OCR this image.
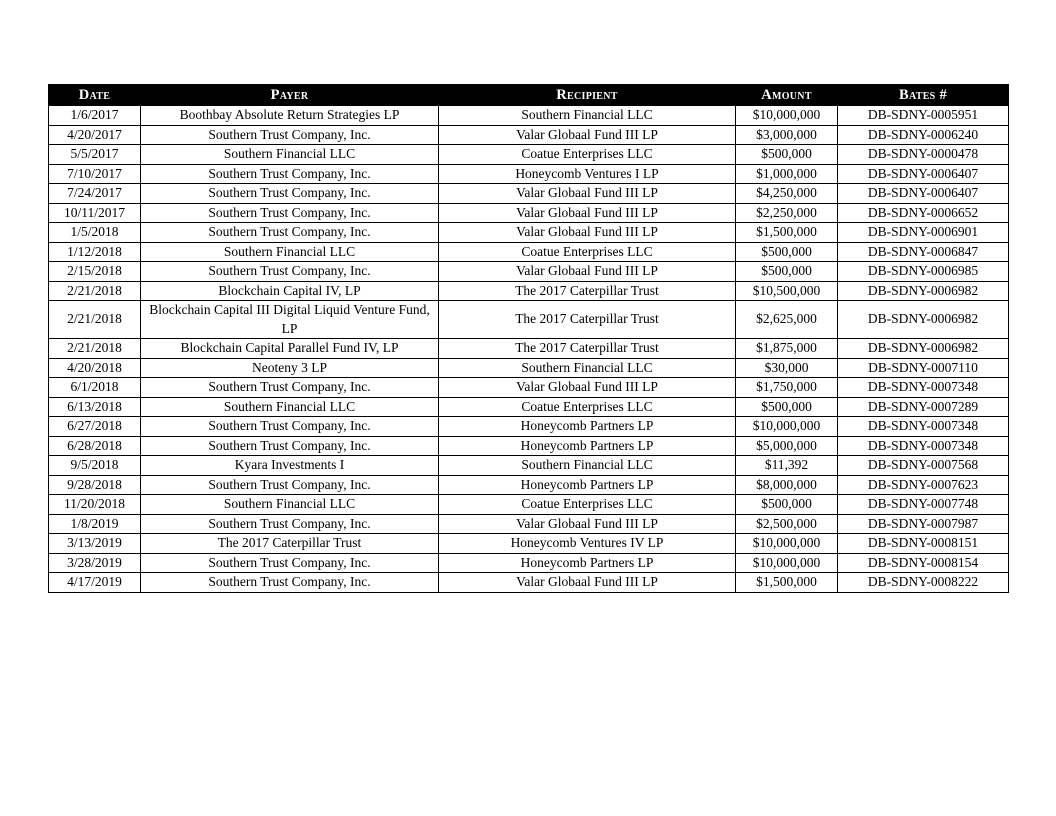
Date	Payer	Recipient	Amount	Bates #
1/6/2017	Boothbay Absolute Return Strategies LP	Southern Financial LLC	$10,000,000	DB-SDNY-0005951
4/20/2017	Southern Trust Company, Inc.	Valar Globaal Fund III LP	$3,000,000	DB-SDNY-0006240
5/5/2017	Southern Financial LLC	Coatue Enterprises LLC	$500,000	DB-SDNY-0000478
7/10/2017	Southern Trust Company, Inc.	Honeycomb Ventures I LP	$1,000,000	DB-SDNY-0006407
7/24/2017	Southern Trust Company, Inc.	Valar Globaal Fund III LP	$4,250,000	DB-SDNY-0006407
10/11/2017	Southern Trust Company, Inc.	Valar Globaal Fund III LP	$2,250,000	DB-SDNY-0006652
1/5/2018	Southern Trust Company, Inc.	Valar Globaal Fund III LP	$1,500,000	DB-SDNY-0006901
1/12/2018	Southern Financial LLC	Coatue Enterprises LLC	$500,000	DB-SDNY-0006847
2/15/2018	Southern Trust Company, Inc.	Valar Globaal Fund III LP	$500,000	DB-SDNY-0006985
2/21/2018	Blockchain Capital IV, LP	The 2017 Caterpillar Trust	$10,500,000	DB-SDNY-0006982
2/21/2018	Blockchain Capital III Digital Liquid Venture Fund, LP	The 2017 Caterpillar Trust	$2,625,000	DB-SDNY-0006982
2/21/2018	Blockchain Capital Parallel Fund IV, LP	The 2017 Caterpillar Trust	$1,875,000	DB-SDNY-0006982
4/20/2018	Neoteny 3 LP	Southern Financial LLC	$30,000	DB-SDNY-0007110
6/1/2018	Southern Trust Company, Inc.	Valar Globaal Fund III LP	$1,750,000	DB-SDNY-0007348
6/13/2018	Southern Financial LLC	Coatue Enterprises LLC	$500,000	DB-SDNY-0007289
6/27/2018	Southern Trust Company, Inc.	Honeycomb Partners LP	$10,000,000	DB-SDNY-0007348
6/28/2018	Southern Trust Company, Inc.	Honeycomb Partners LP	$5,000,000	DB-SDNY-0007348
9/5/2018	Kyara Investments I	Southern Financial LLC	$11,392	DB-SDNY-0007568
9/28/2018	Southern Trust Company, Inc.	Honeycomb Partners LP	$8,000,000	DB-SDNY-0007623
11/20/2018	Southern Financial LLC	Coatue Enterprises LLC	$500,000	DB-SDNY-0007748
1/8/2019	Southern Trust Company, Inc.	Valar Globaal Fund III LP	$2,500,000	DB-SDNY-0007987
3/13/2019	The 2017 Caterpillar Trust	Honeycomb Ventures IV LP	$10,000,000	DB-SDNY-0008151
3/28/2019	Southern Trust Company, Inc.	Honeycomb Partners LP	$10,000,000	DB-SDNY-0008154
4/17/2019	Southern Trust Company, Inc.	Valar Globaal Fund III LP	$1,500,000	DB-SDNY-0008222
